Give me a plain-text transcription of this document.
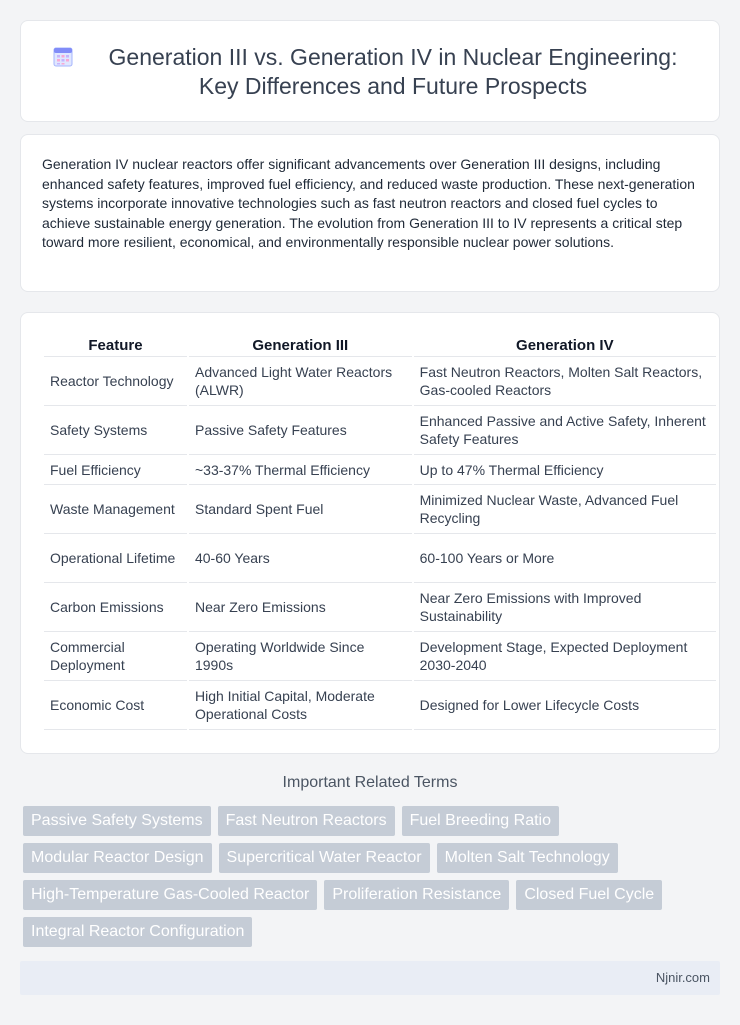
Generation III vs. Generation IV in Nuclear Engineering: Key Differences and Future Prospects

Generation IV nuclear reactors offer significant advancements over Generation III designs, including enhanced safety features, improved fuel efficiency, and reduced waste production. These next-generation systems incorporate innovative technologies such as fast neutron reactors and closed fuel cycles to achieve sustainable energy generation. The evolution from Generation III to IV represents a critical step toward more resilient, economical, and environmentally responsible nuclear power solutions.

Feature	Generation III	Generation IV
Reactor Technology	Advanced Light Water Reactors (ALWR)	Fast Neutron Reactors, Molten Salt Reactors, Gas-cooled Reactors
Safety Systems	Passive Safety Features	Enhanced Passive and Active Safety, Inherent Safety Features
Fuel Efficiency	~33-37% Thermal Efficiency	Up to 47% Thermal Efficiency
Waste Management	Standard Spent Fuel	Minimized Nuclear Waste, Advanced Fuel Recycling
Operational Lifetime	40-60 Years	60-100 Years or More
Carbon Emissions	Near Zero Emissions	Near Zero Emissions with Improved Sustainability
Commercial Deployment	Operating Worldwide Since 1990s	Development Stage, Expected Deployment 2030-2040
Economic Cost	High Initial Capital, Moderate Operational Costs	Designed for Lower Lifecycle Costs
Important Related Terms
Passive Safety Systems	Fast Neutron Reactors	Fuel Breeding Ratio
Modular Reactor Design	Supercritical Water Reactor	Molten Salt Technology
High-Temperature Gas-Cooled Reactor	Proliferation Resistance	Closed Fuel Cycle
Integral Reactor Configuration
Njnir.com
